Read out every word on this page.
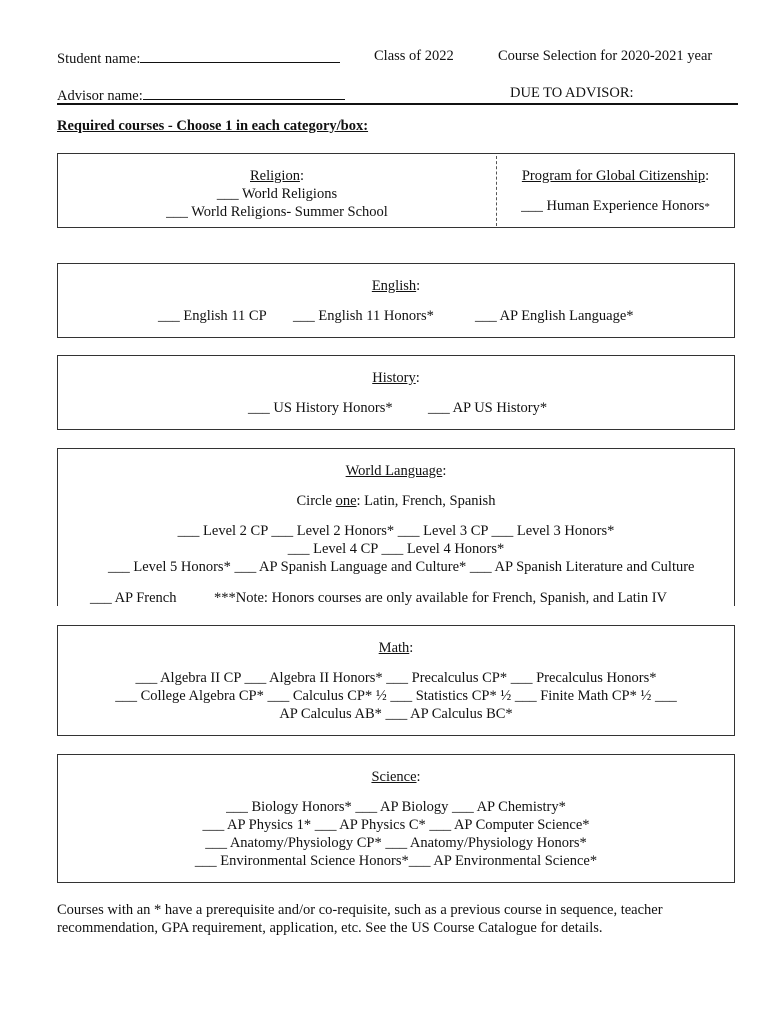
Student name:	Class of 2022	Course Selection for 2020-2021 year
Advisor name:	DUE TO ADVISOR:
Required courses - Choose 1 in each category/box:
Religion:
___ World Religions
___ World Religions- Summer School
Program for Global Citizenship:
___ Human Experience Honors*
English:
___ English 11 CP ___ English 11 Honors*	___ AP English Language*
History:
___ US History Honors* ___ AP US History*
World Language:
Circle one: Latin, French, Spanish
___ Level 2 CP ___ Level 2 Honors* ___ Level 3 CP ___ Level 3 Honors*
___ Level 4 CP ___ Level 4 Honors*
___ Level 5 Honors* ___ AP Spanish Language and Culture* ___ AP Spanish Literature and Culture
___ AP French	***Note: Honors courses are only available for French, Spanish, and Latin IV
Math:
___ Algebra II CP ___ Algebra II Honors* ___ Precalculus CP* ___ Precalculus Honors*
___ College Algebra CP* ___ Calculus CP* ½ ___ Statistics CP* ½ ___ Finite Math CP* ½ ___
AP Calculus AB* ___ AP Calculus BC*
Science:
___ Biology Honors* ___ AP Biology ___ AP Chemistry*
___ AP Physics 1* ___ AP Physics C* ___ AP Computer Science*
___ Anatomy/Physiology CP* ___ Anatomy/Physiology Honors*
___ Environmental Science Honors*___ AP Environmental Science*
Courses with an * have a prerequisite and/or co-requisite, such as a previous course in sequence, teacher
recommendation, GPA requirement, application, etc. See the US Course Catalogue for details.
